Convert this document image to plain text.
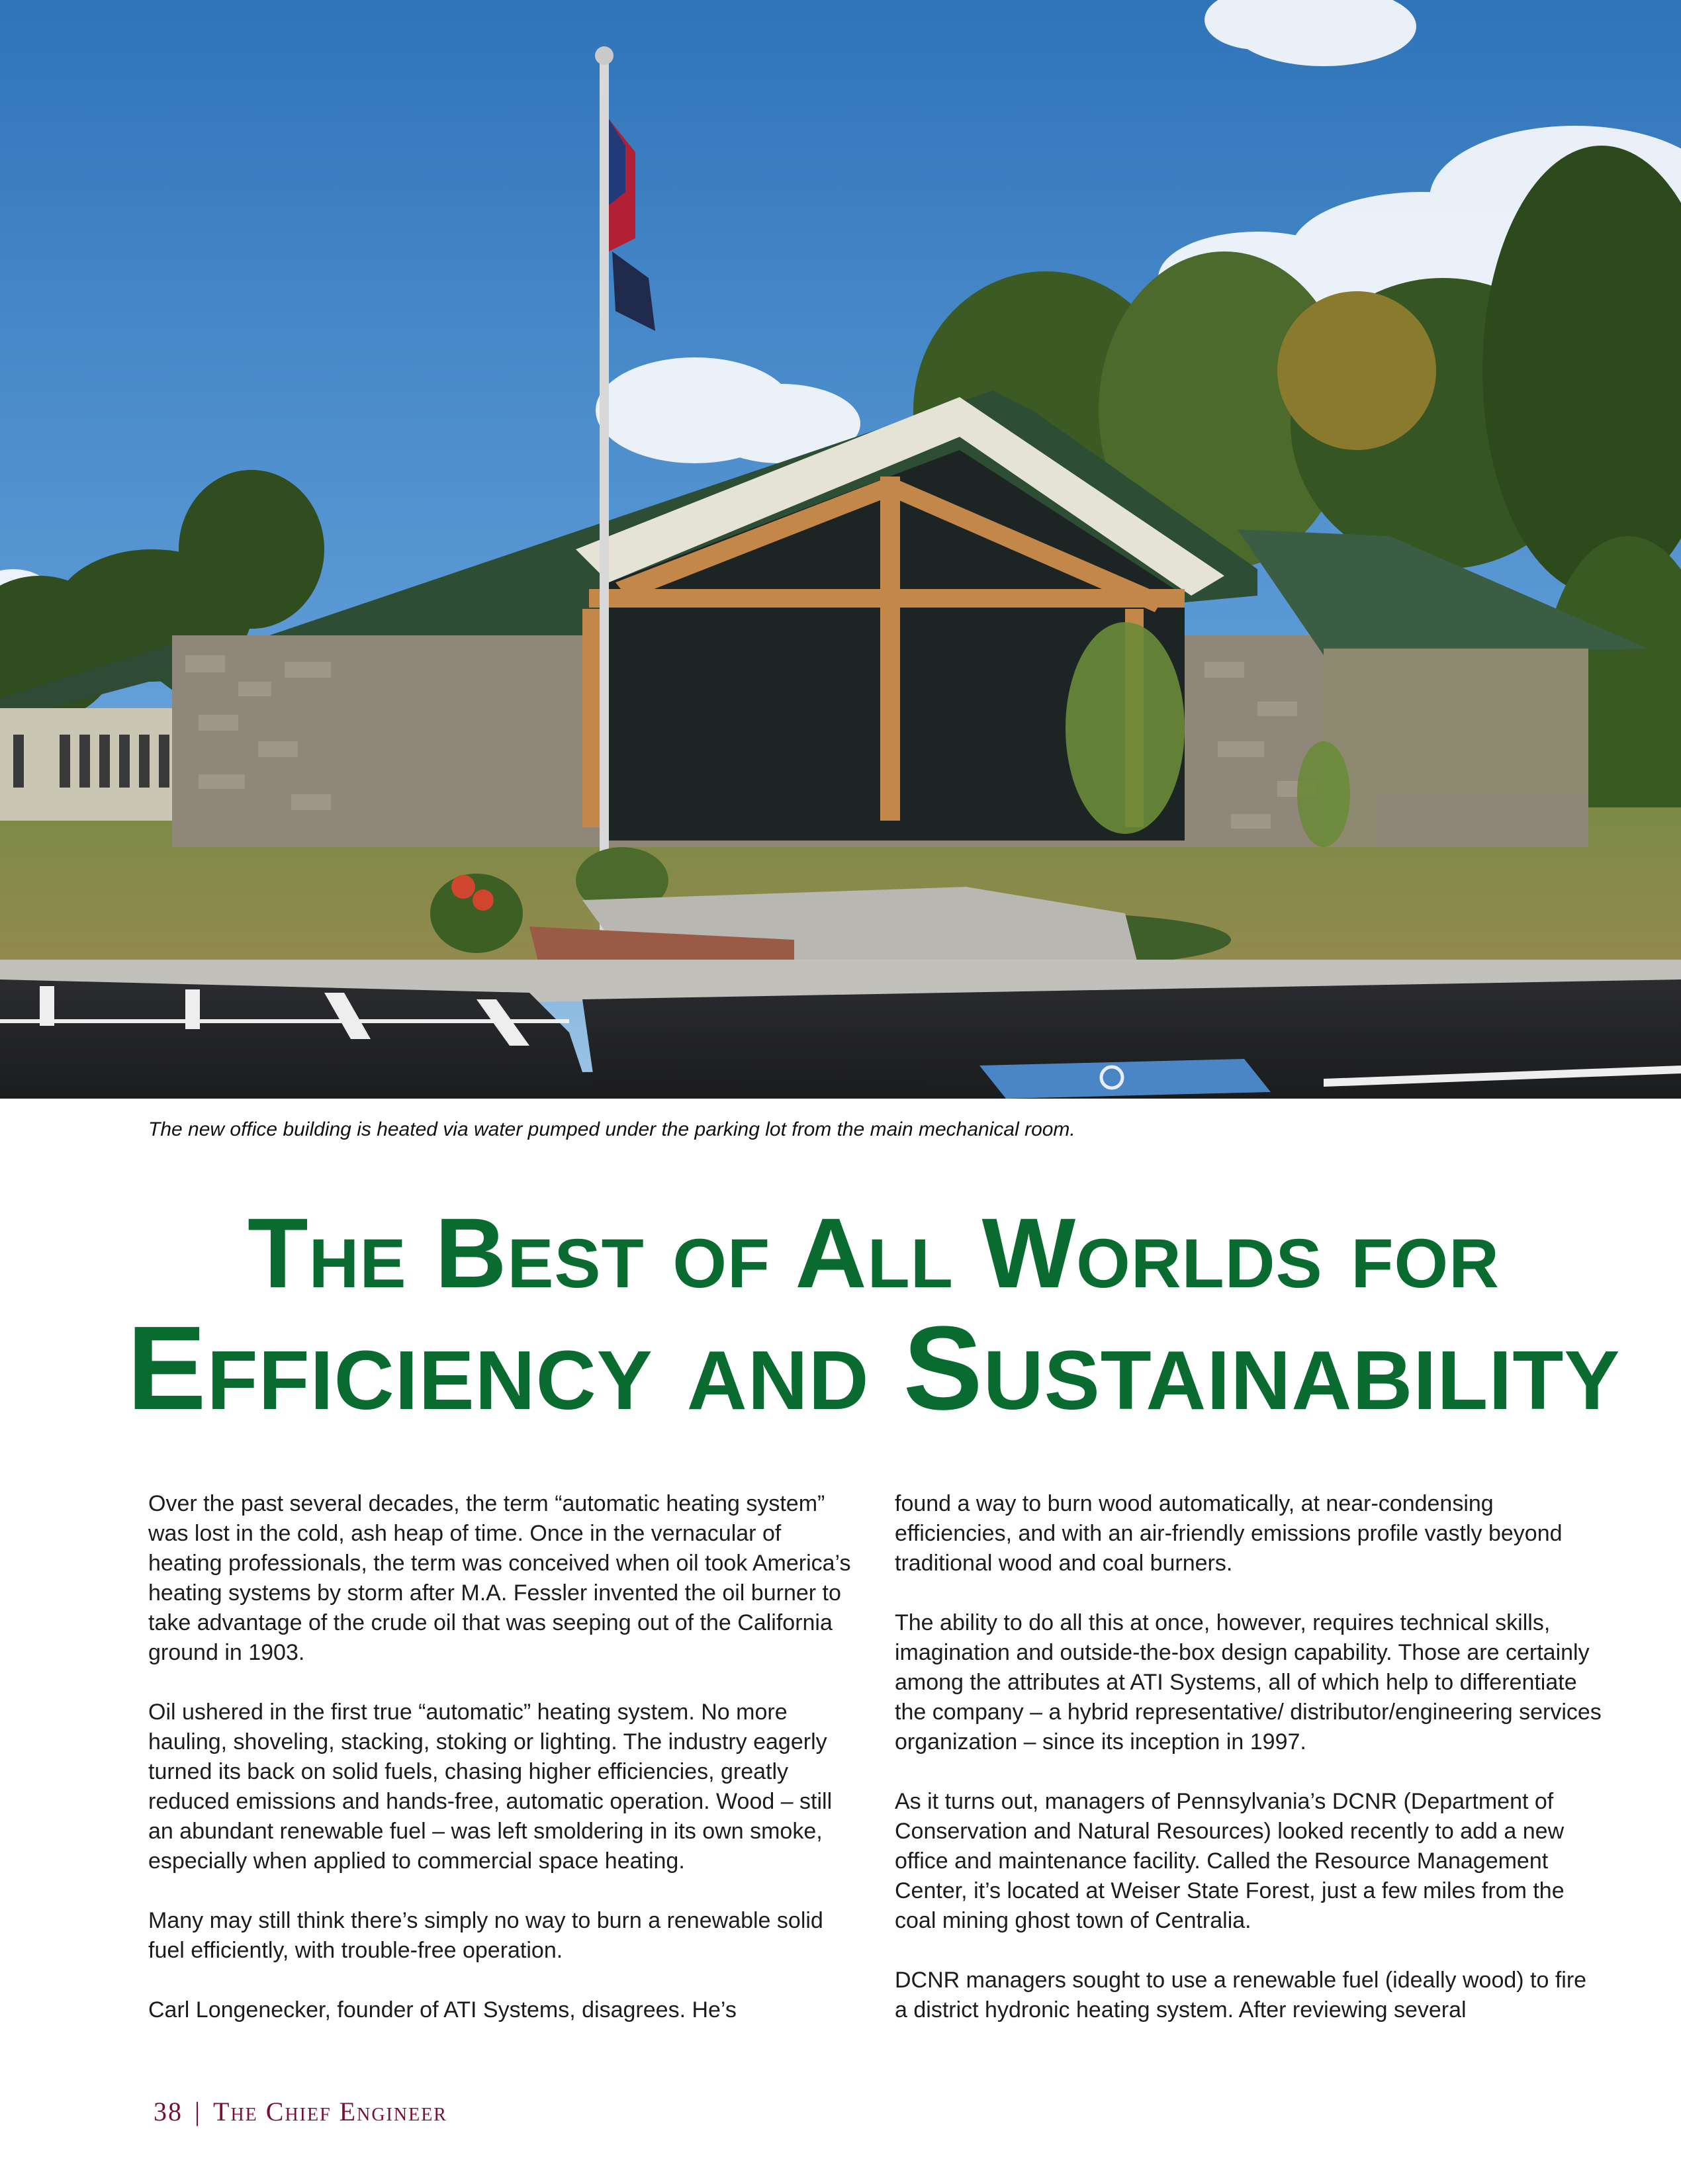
The new office building is heated via water pumped under the parking lot from the main mechanical room.
The Best of All Worlds for
Efficiency and Sustainability

Over the past several decades, the term “automatic heating system” was lost in the cold, ash heap of time. Once in the vernacular of heating professionals, the term was conceived when oil took America’s heating systems by storm after M.A. Fessler invented the oil burner to take advantage of the crude oil that was seeping out of the California ground in 1903.

Oil ushered in the first true “automatic” heating system. No more hauling, shoveling, stacking, stoking or lighting. The industry eagerly turned its back on solid fuels, chasing higher efficiencies, greatly reduced emissions and hands-free, automatic operation. Wood – still an abundant renewable fuel – was left smoldering in its own smoke, especially when applied to commercial space heating.

Many may still think there’s simply no way to burn a renewable solid fuel efficiently, with trouble-free operation.

Carl Longenecker, founder of ATI Systems, disagrees. He’s

found a way to burn wood automatically, at near-condensing efficiencies, and with an air-friendly emissions profile vastly beyond traditional wood and coal burners.

The ability to do all this at once, however, requires technical skills, imagination and outside-the-box design capability. Those are certainly among the attributes at ATI Systems, all of which help to differentiate the company – a hybrid representative/ distributor/engineering services organization – since its inception in 1997.

As it turns out, managers of Pennsylvania’s DCNR (Department of Conservation and Natural Resources) looked recently to add a new office and maintenance facility. Called the Resource Management Center, it’s located at Weiser State Forest, just a few miles from the coal mining ghost town of Centralia.

DCNR managers sought to use a renewable fuel (ideally wood) to fire a district hydronic heating system. After reviewing several

38 | The Chief Engineer
